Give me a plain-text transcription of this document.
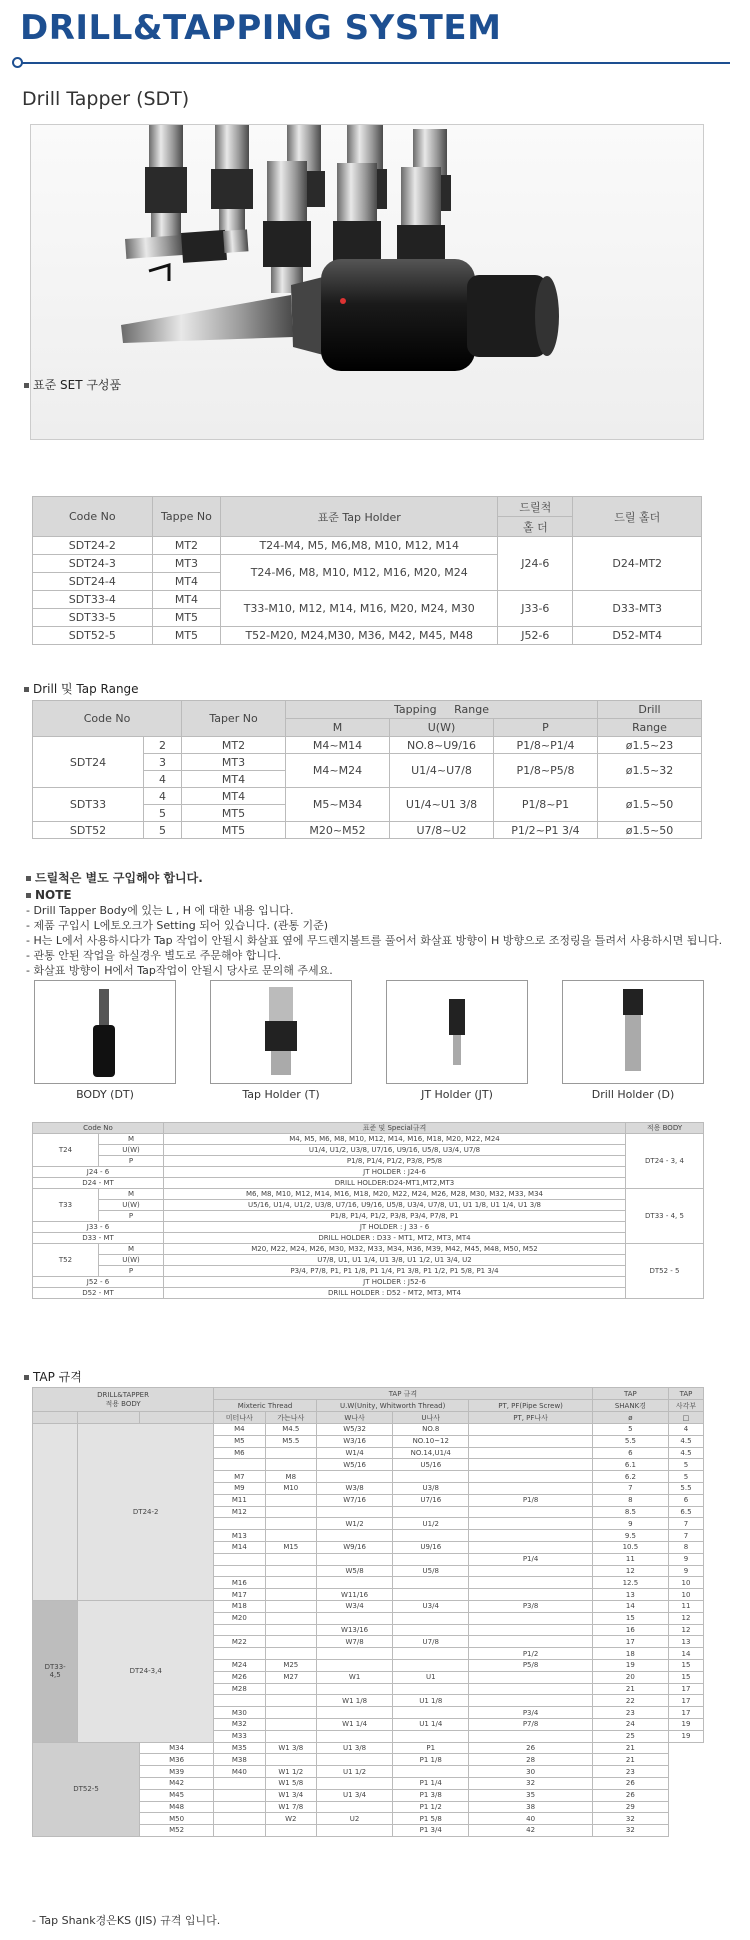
DRILL&TAPPING SYSTEM
Drill Tapper (SDT)
표준 SET 구성품
Code No	Tappe No	표준 Tap Holder	드릴척	드릴 홀더
			홀 더	
SDT24-2	MT2	T24-M4, M5, M6,M8, M10, M12, M14	J24-6	D24-MT2
SDT24-3	MT3	T24-M6, M8, M10, M12, M16, M20, M24		
SDT24-4	MT4			
SDT33-4	MT4	T33-M10, M12, M14, M16, M20, M24, M30	J33-6	D33-MT3
SDT33-5	MT5			
SDT52-5	MT5	T52-M20, M24,M30, M36, M42, M45, M48	J52-6	D52-MT4
Drill 및 Tap Range
Code No		Taper No	Tapping Range			Drill
			M	U(W)	P	Range
SDT24	2	MT2	M4~M14	NO.8~U9/16	P1/8~P1/4	ø1.5~23
	3	MT3	M4~M24	U1/4~U7/8	P1/8~P5/8	ø1.5~32
	4	MT4				
SDT33	4	MT4	M5~M34	U1/4~U1 3/8	P1/8~P1	ø1.5~50
	5	MT5				
SDT52	5	MT5	M20~M52	U7/8~U2	P1/2~P1 3/4	ø1.5~50
드릴척은 별도 구입해야 합니다.
NOTE
- Drill Tapper Body에 있는 L , H 에 대한 내용 입니다.
- 제품 구입시 L에토오크가 Setting 되어 있습니다. (관통 기준)
- H는 L에서 사용하시다가 Tap 작업이 안될시 화살표 옆에 무드렌지볼트를 풀어서 화살표 방향이 H 방향으로 조정링을 틀려서 사용하시면 됩니다.
- 관통 안된 작업을 하실경우 별도로 주문해야 합니다.
- 화살표 방향이 H에서 Tap작업이 안될시 당사로 문의해 주세요.
BODY (DT)	Tap Holder (T)	JT Holder (JT)	Drill Holder (D)
Code No		표준 및 Special규격	적용 BODY
T24	M	M4, M5, M6, M8, M10, M12, M14, M16, M18, M20, M22, M24	DT24 - 3, 4
	U(W)	U1/4, U1/2, U3/8, U7/16, U9/16, U5/8, U3/4, U7/8	
	P	P1/8, P1/4, P1/2, P3/8, P5/8	
J24 - 6		JT HOLDER : J24-6	
D24 - MT		DRILL HOLDER:D24-MT1,MT2,MT3	
T33	M	M6, M8, M10, M12, M14, M16, M18, M20, M22, M24, M26, M28, M30, M32, M33, M34	DT33 - 4, 5
	U(W)	U5/16, U1/4, U1/2, U3/8, U7/16, U9/16, U5/8, U3/4, U7/8, U1, U1 1/8, U1 1/4, U1 3/8	
	P	P1/8, P1/4, P1/2, P3/8, P3/4, P7/8, P1	
J33 - 6		JT HOLDER : J 33 - 6	
D33 - MT		DRILL HOLDER : D33 - MT1, MT2, MT3, MT4	
T52	M	M20, M22, M24, M26, M30, M32, M33, M34, M36, M39, M42, M45, M48, M50, M52	DT52 - 5
	U(W)	U7/8, U1, U1 1/4, U1 3/8, U1 1/2, U1 3/4, U2	
	P	P3/4, P7/8, P1, P1 1/8, P1 1/4, P1 3/8, P1 1/2, P1 5/8, P1 3/4	
J52 - 6		JT HOLDER : J52-6	
D52 - MT		DRILL HOLDER : D52 - MT2, MT3, MT4	
TAP 규격
DRILL&TAPPER
적용 BODY			TAP 규격					TAP	TAP
			Mixteric Thread		U.W(Unity, Whitworth Thread)		PT, PF(Pipe Screw)	SHANK경	사각부
			미터나사	가는나사	W나사	U나사	PT, PF나사	ø	□
	DT24-2		M4	M4.5	W5/32	NO.8		5	4
			M5	M5.5	W3/16	NO.10~12		5.5	4.5
			M6		W1/4	NO.14,U1/4		6	4.5
					W5/16	U5/16		6.1	5
			M7	M8				6.2	5
			M9	M10	W3/8	U3/8		7	5.5
			M11		W7/16	U7/16	P1/8	8	6
			M12					8.5	6.5
					W1/2	U1/2		9	7
			M13					9.5	7
			M14	M15	W9/16	U9/16		10.5	8
							P1/4	11	9
					W5/8	U5/8		12	9
			M16					12.5	10
			M17		W11/16			13	10
DT33-
4,5	DT24-3,4		M18		W3/4	U3/4	P3/8	14	11
			M20					15	12
					W13/16			16	12
			M22		W7/8	U7/8		17	13
							P1/2	18	14
			M24	M25			P5/8	19	15
			M26	M27	W1	U1		20	15
			M28					21	17
					W1 1/8	U1 1/8		22	17
			M30				P3/4	23	17
			M32		W1 1/4	U1 1/4	P7/8	24	19
			M33					25	19
DT52-5		M34	M35	W1 3/8	U1 3/8	P1	26	21	
		M36	M38			P1 1/8	28	21	
		M39	M40	W1 1/2	U1 1/2		30	23	
		M42		W1 5/8		P1 1/4	32	26	
		M45		W1 3/4	U1 3/4	P1 3/8	35	26	
		M48		W1 7/8		P1 1/2	38	29	
		M50		W2	U2	P1 5/8	40	32	
		M52				P1 3/4	42	32	
- Tap Shank경은KS (JIS) 규격 입니다.
